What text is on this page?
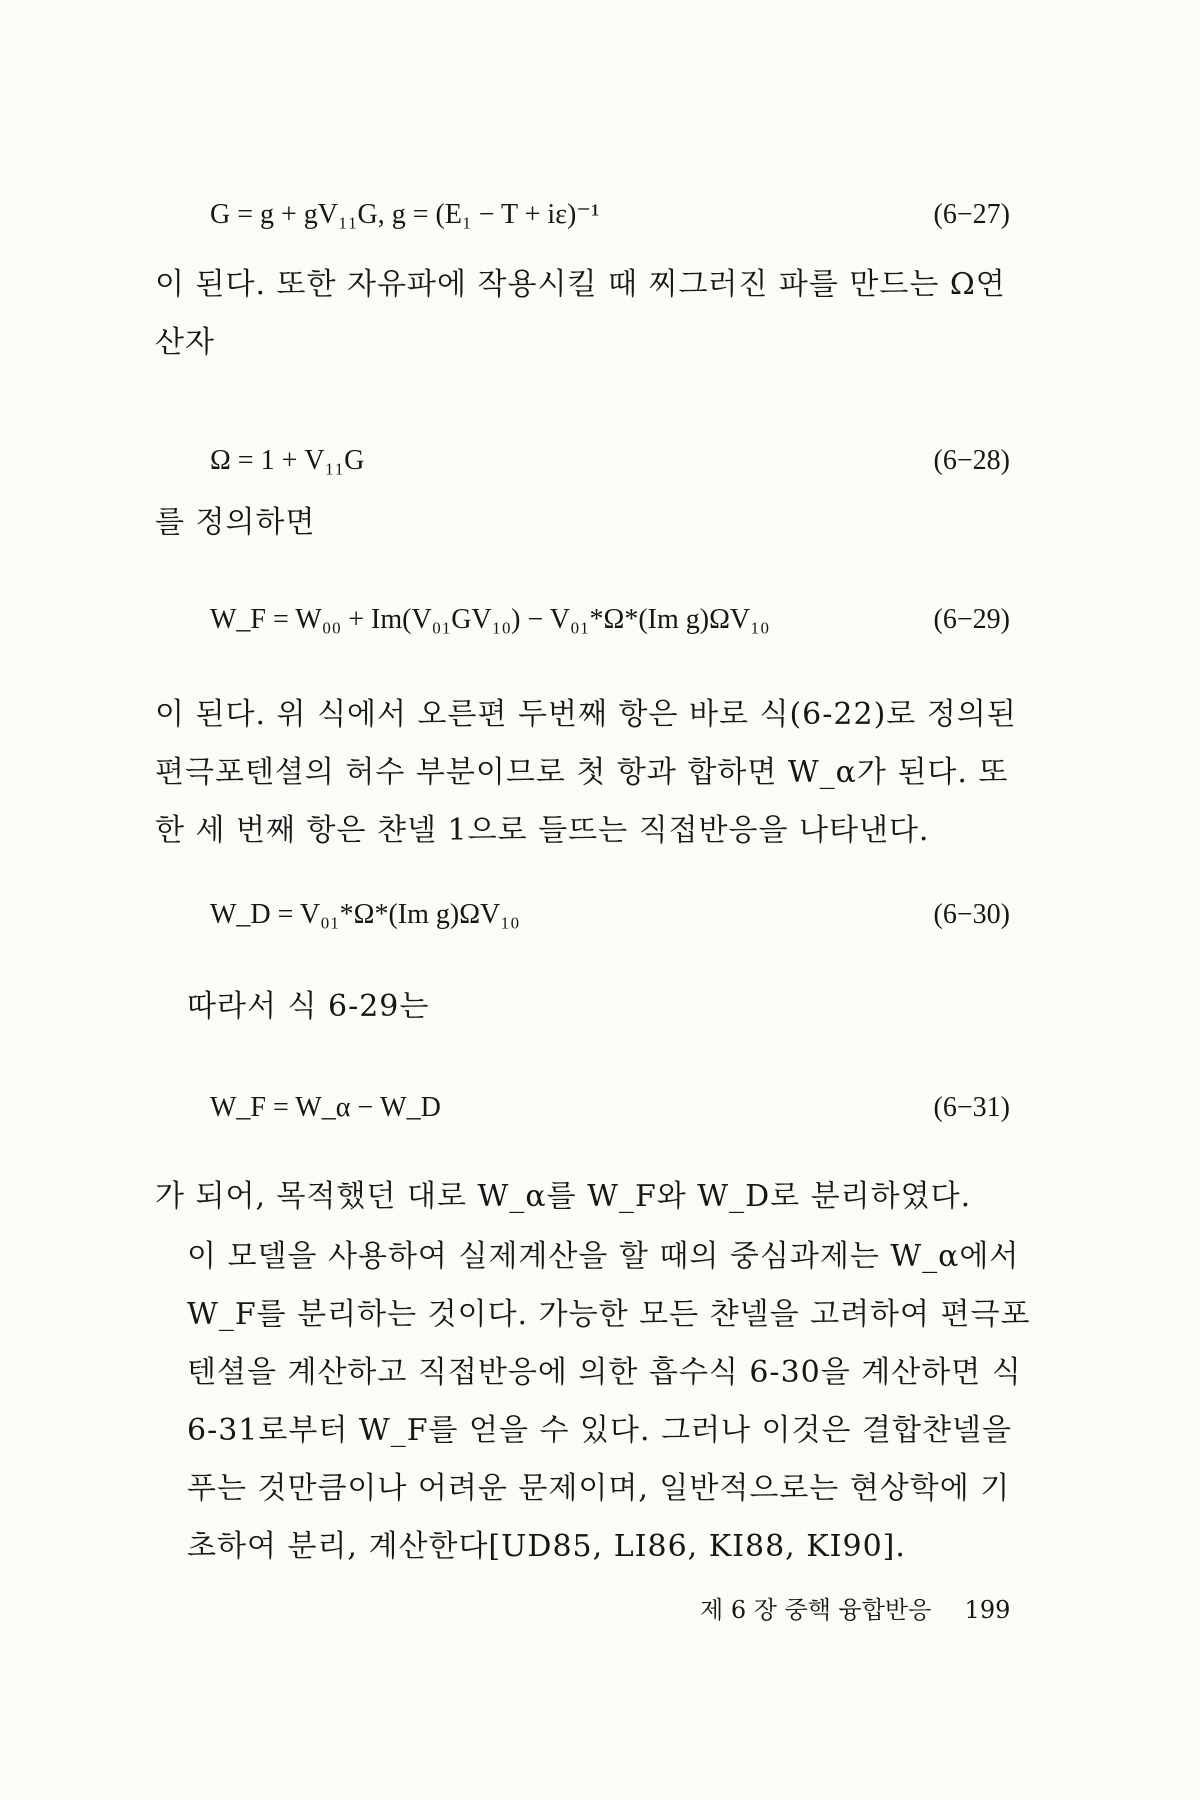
G = g + gV₁₁G, g = (E₁ − T + iε)⁻¹	(6−27)

이 된다. 또한 자유파에 작용시킬 때 찌그러진 파를 만드는 Ω연산자

Ω = 1 + V₁₁G	(6−28)

를 정의하면

W_F = W₀₀ + Im(V₀₁GV₁₀) − V₀₁*Ω*(Im g)ΩV₁₀	(6−29)

이 된다. 위 식에서 오른편 두번째 항은 바로 식(6-22)로 정의된 편극포텐셜의 허수 부분이므로 첫 항과 합하면 W_α가 된다. 또한 세 번째 항은 챤넬 1으로 들뜨는 직접반응을 나타낸다.

W_D = V₀₁*Ω*(Im g)ΩV₁₀	(6−30)

따라서 식 6-29는

W_F = W_α − W_D	(6−31)

가 되어, 목적했던 대로 W_α를 W_F와 W_D로 분리하였다.

이 모델을 사용하여 실제계산을 할 때의 중심과제는 W_α에서 W_F를 분리하는 것이다. 가능한 모든 챤넬을 고려하여 편극포텐셜을 계산하고 직접반응에 의한 흡수식 6-30을 계산하면 식 6-31로부터 W_F를 얻을 수 있다. 그러나 이것은 결합챤넬을 푸는 것만큼이나 어려운 문제이며, 일반적으로는 현상학에 기초하여 분리, 계산한다[UD85, LI86, KI88, KI90].

제 6 장 중핵 융합반응 199
